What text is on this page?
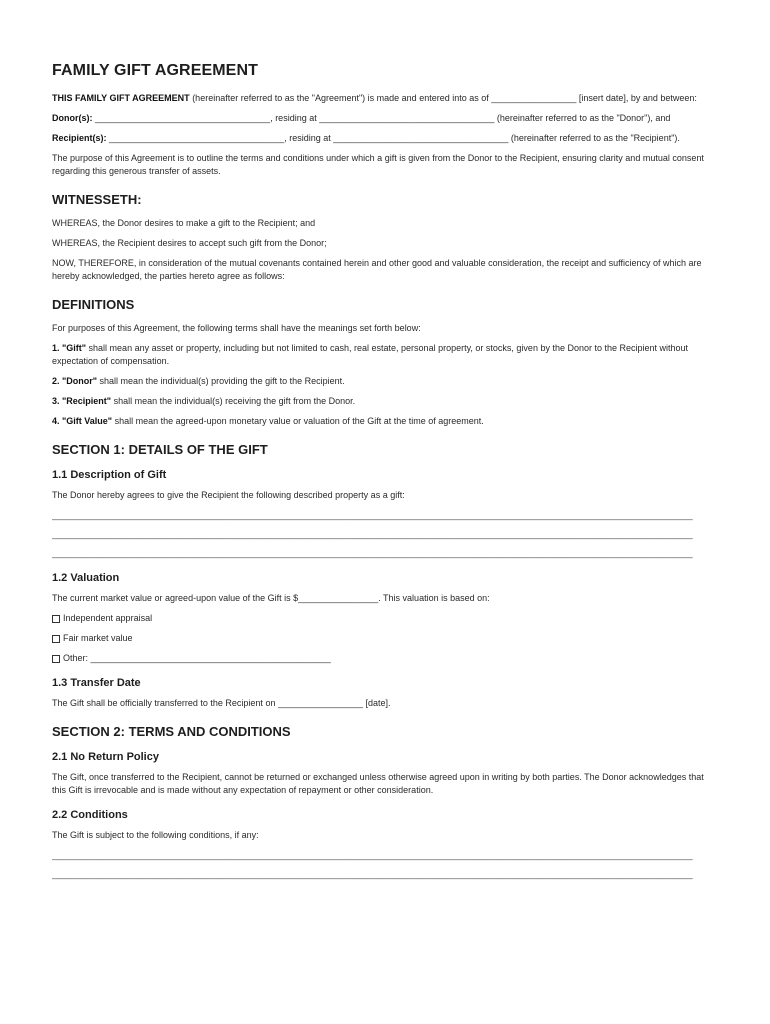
FAMILY GIFT AGREEMENT

THIS FAMILY GIFT AGREEMENT (hereinafter referred to as the "Agreement") is made and entered into as of _________________ [insert date], by and between:

Donor(s): ___________________________________, residing at ___________________________________ (hereinafter referred to as the "Donor"), and

Recipient(s): ___________________________________, residing at ___________________________________ (hereinafter referred to as the "Recipient").

The purpose of this Agreement is to outline the terms and conditions under which a gift is given from the Donor to the Recipient, ensuring clarity and mutual consent regarding this generous transfer of assets.

WITNESSETH:

WHEREAS, the Donor desires to make a gift to the Recipient; and

WHEREAS, the Recipient desires to accept such gift from the Donor;

NOW, THEREFORE, in consideration of the mutual covenants contained herein and other good and valuable consideration, the receipt and sufficiency of which are hereby acknowledged, the parties hereto agree as follows:

DEFINITIONS

For purposes of this Agreement, the following terms shall have the meanings set forth below:

1. "Gift" shall mean any asset or property, including but not limited to cash, real estate, personal property, or stocks, given by the Donor to the Recipient without expectation of compensation.

2. "Donor" shall mean the individual(s) providing the gift to the Recipient.

3. "Recipient" shall mean the individual(s) receiving the gift from the Donor.

4. "Gift Value" shall mean the agreed-upon monetary value or valuation of the Gift at the time of agreement.

SECTION 1: DETAILS OF THE GIFT
1.1 Description of Gift

The Donor hereby agrees to give the Recipient the following described property as a gift:

________________________________________________________________________________________________________________________________
________________________________________________________________________________________________________________________________
________________________________________________________________________________________________________________________________
1.2 Valuation

The current market value or agreed-upon value of the Gift is $________________. This valuation is based on:

Independent appraisal
Fair market value
Other: ________________________________________________
1.3 Transfer Date

The Gift shall be officially transferred to the Recipient on _________________ [date].

SECTION 2: TERMS AND CONDITIONS
2.1 No Return Policy

The Gift, once transferred to the Recipient, cannot be returned or exchanged unless otherwise agreed upon in writing by both parties. The Donor acknowledges that this Gift is irrevocable and is made without any expectation of repayment or other consideration.

2.2 Conditions

The Gift is subject to the following conditions, if any:

________________________________________________________________________________________________________________________________
________________________________________________________________________________________________________________________________
